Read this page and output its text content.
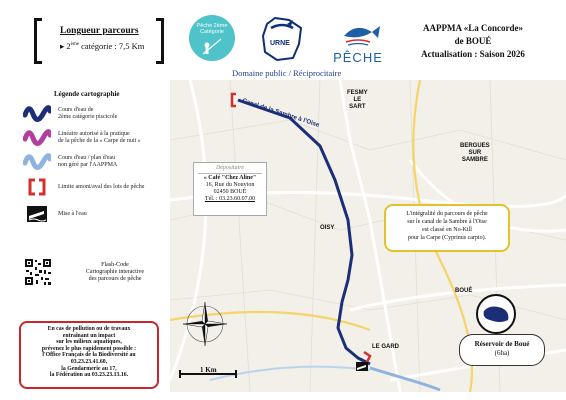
Longueur parcours
▸ 2ème catégorie : 7,5 Km
Pêche 2ème
Catégorie
URNE
PÊCHE
Domaine public / Réciprocitaire
AAPPMA «La Concorde»
de BOUÉ
Actualisation : Saison 2026
Légende cartographie
Cours d'eau de
2ème catégorie piscicole
Linéaire autorisé à la pratique
de la pêche de la « Carpe de nuit »
Cours d'eau / plan d'eau
non géré par l'AAPPMA
Limite amont/aval des lots de pêche
Mise à l'eau
Flash-Code
Cartographie interactive
des parcours de pêche
En cas de pollution ou de travaux
entraînant un impact
sur les milieux aquatiques,
prévenez le plus rapidement possible :
l'Office Français de la Biodiversité au 03.23.23.41.60,
la Gendarmerie au 17,
la Fédération au 03.23.23.13.16.
Canal de la Sambre à l'Oise
FESMY
LE
SART
BERGUES
SUR
SAMBRE
OISY
BOUÉ
LE GARD
Dépositaire
« Café "Chez Aline"
16, Rue du Nouvion
02450 BOUÉ
Tél. : 03.23.60.07.00
L'intégralité du parcours de pêche
sur le canal de la Sambre à l'Oise
est classé en No-Kill
pour la Carpe (Cyprinus carpio).
Réservoir de Boué
(6ha)
1 Km
